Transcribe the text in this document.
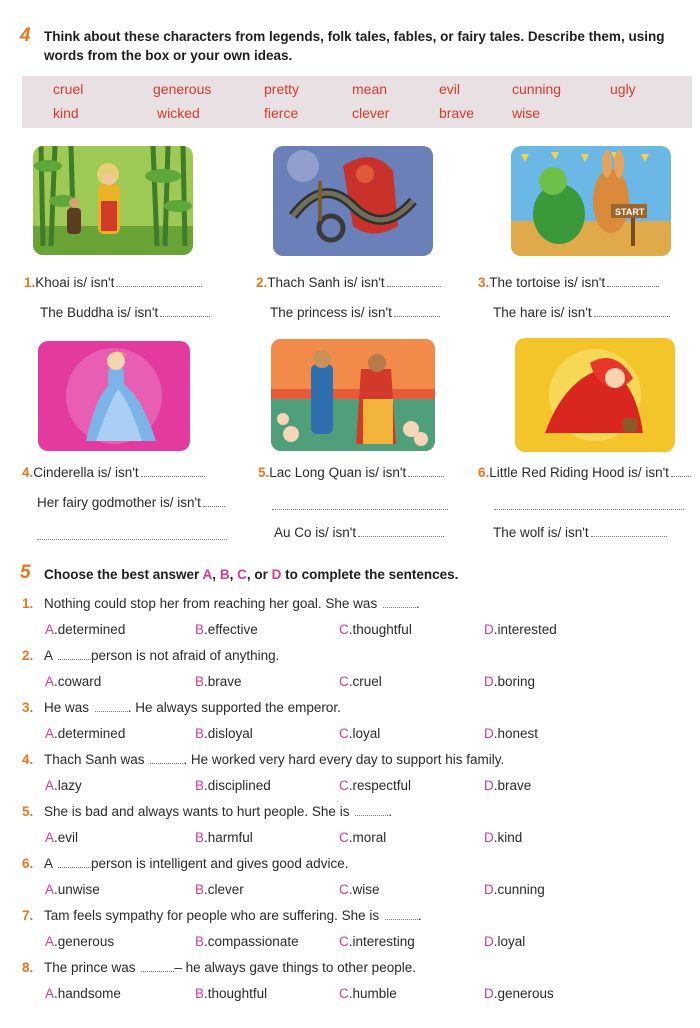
4 Think about these characters from legends, folk tales, fables, or fairy tales. Describe them, using
words from the box or your own ideas.
cruel	generous	pretty	mean	evil	cunning	ugly
kind	wicked	fierce	clever	brave	wise
START
1.Khoai is/ isn't
The Buddha is/ isn't
2.Thach Sanh is/ isn't
The princess is/ isn't
3.The tortoise is/ isn't
The hare is/ isn't
4.Cinderella is/ isn't
Her fairy godmother is/ isn't
5.Lac Long Quan is/ isn't
Au Co is/ isn't
6.Little Red Riding Hood is/ isn't
The wolf is/ isn't
5 Choose the best answer A, B, C, or D to complete the sentences.
1. Nothing could stop her from reaching her goal. She was	.
A.determined	B.effective	C.thoughtful	D.interested
2. A	person is not afraid of anything.
A.coward	B.brave	C.cruel	D.boring
3. He was	. He always supported the emperor.
A.determined	B.disloyal	C.loyal	D.honest
4. Thach Sanh was	. He worked very hard every day to support his family.
A.lazy	B.disciplined	C.respectful	D.brave
5. She is bad and always wants to hurt people. She is	.
A.evil	B.harmful	C.moral	D.kind
6. A	person is intelligent and gives good advice.
A.unwise	B.clever	C.wise	D.cunning
7. Tam feels sympathy for people who are suffering. She is	.
A.generous	B.compassionate	C.interesting	D.loyal
8. The prince was	– he always gave things to other people.
A.handsome	B.thoughtful	C.humble	D.generous
